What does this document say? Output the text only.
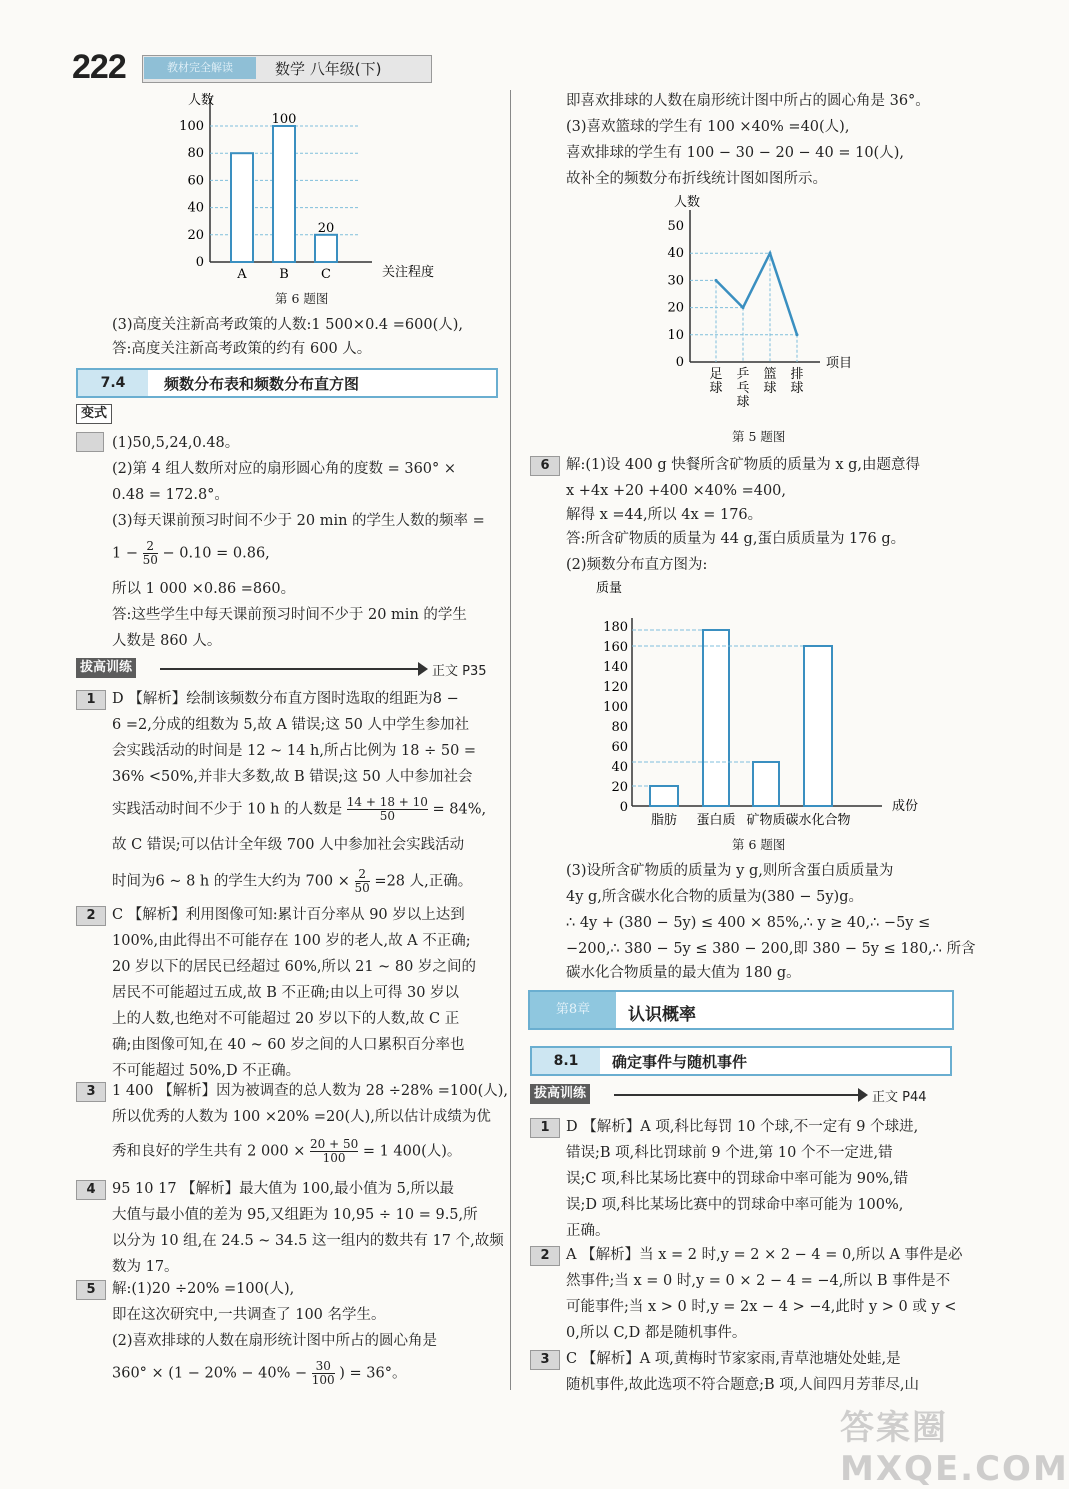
222	教材完全解读	数学 八年级(下)
人数
关注程度
0
20
40
60
80
100
A	B
100
C
20
第 6 题图
(3)高度关注新高考政策的人数:1 500×0.4 =600(人),
答:高度关注新高考政策的约有 600 人。
7.4	频数分布表和频数分布直方图
变式
(1)50,5,24,0.48。
(2)第 4 组人数所对应的扇形圆心角的度数 = 360° ×
0.48 = 172.8°。
(3)每天课前预习时间不少于 20 min 的学生人数的频率 =
$1 - \frac{2}{50} - 0.10 = 0.86$,
所以 1 000 ×0.86 =860。
答:这些学生中每天课前预习时间不少于 20 min 的学生
人数是 860 人。
拔高训练	正文 P35
1	D 【解析】绘制该频数分布直方图时选取的组距为8 −
6 =2,分成的组数为 5,故 A 错误;这 50 人中学生参加社
会实践活动的时间是 12 ~ 14 h,所占比例为 18 ÷ 50 =
36% <50%,并非大多数,故 B 错误;这 50 人中参加社会
实践活动时间不少于 10 h 的人数是 $\frac{14 + 18 + 10}{50} = 84\%$,
故 C 错误;可以估计全年级 700 人中参加社会实践活动
时间为6 ~ 8 h 的学生大约为 $700 \times \frac{2}{50} =28$ 人,正确。
2	C 【解析】利用图像可知:累计百分率从 90 岁以上达到
100%,由此得出不可能存在 100 岁的老人,故 A 不正确;
20 岁以下的居民已经超过 60%,所以 21 ~ 80 岁之间的
居民不可能超过五成,故 B 不正确;由以上可得 30 岁以
上的人数,也绝对不可能超过 20 岁以下的人数,故 C 正
确;由图像可知,在 40 ~ 60 岁之间的人口累积百分率也
不可能超过 50%,D 不正确。
3	1 400 【解析】因为被调查的总人数为 28 ÷28% =100(人),
所以优秀的人数为 100 ×20% =20(人),所以估计成绩为优
秀和良好的学生共有 2 $000 \times \frac{20 + 50}{100} = 1$ 400(人)。
4	95 10 17 【解析】最大值为 100,最小值为 5,所以最
大值与最小值的差为 95,又组距为 10,95 ÷ 10 = 9.5,所
以分为 10 组,在 24.5 ~ 34.5 这一组内的数共有 17 个,故频
数为 17。
5	解:(1)20 ÷20% =100(人),
即在这次研究中,一共调查了 100 名学生。
(2)喜欢排球的人数在扇形统计图中所占的圆心角是
$360^\circ \times (1 - 20\% - 40\% - \frac{30}{100}$ ) = 36°。
即喜欢排球的人数在扇形统计图中所占的圆心角是 36°。
(3)喜欢篮球的学生有 100 ×40% =40(人),
喜欢排球的学生有 100 − 30 − 20 − 40 = 10(人),
故补全的频数分布折线统计图如图所示。
人数
项目
0
10
20
30
40
50
足
球
乒
乓
球
篮
球
排
球
第 5 题图
6	解:(1)设 400 g 快餐所含矿物质的质量为 x g,由题意得
x +4x +20 +400 ×40% =400,
解得 x =44,所以 4x = 176。
答:所含矿物质的质量为 44 g,蛋白质质量为 176 g。
(2)频数分布直方图为:
质量
成份
0
20
40
60
80
100
120
140
160
180
脂肪 蛋白质 矿物质 碳水化合物
第 6 题图
(3)设所含矿物质的质量为 y g,则所含蛋白质质量为
4y g,所含碳水化合物的质量为(380 − 5y)g。
∴ 4y + (380 − 5y) ≤ 400 × 85%,∴ y ≥ 40,∴ −5y ≤
−200,∴ 380 − 5y ≤ 380 − 200,即 380 − 5y ≤ 180,∴ 所含
碳水化合物质量的最大值为 180 g。
第8章	认识概率
8.1	确定事件与随机事件
拔高训练	正文 P44
1	D 【解析】A 项,科比每罚 10 个球,不一定有 9 个球进,
错误;B 项,科比罚球前 9 个进,第 10 个不一定进,错
误;C 项,科比某场比赛中的罚球命中率可能为 90%,错
误;D 项,科比某场比赛中的罚球命中率可能为 100%,
正确。
2	A 【解析】当 x = 2 时,y = 2 × 2 − 4 = 0,所以 A 事件是必
然事件;当 x = 0 时,y = 0 × 2 − 4 = −4,所以 B 事件是不
可能事件;当 x > 0 时,y = 2x − 4 > −4,此时 y > 0 或 y <
0,所以 C,D 都是随机事件。
3	C 【解析】A 项,黄梅时节家家雨,青草池塘处处蛙,是
随机事件,故此选项不符合题意;B 项,人间四月芳菲尽,山
答案圈 MXQE.COM
